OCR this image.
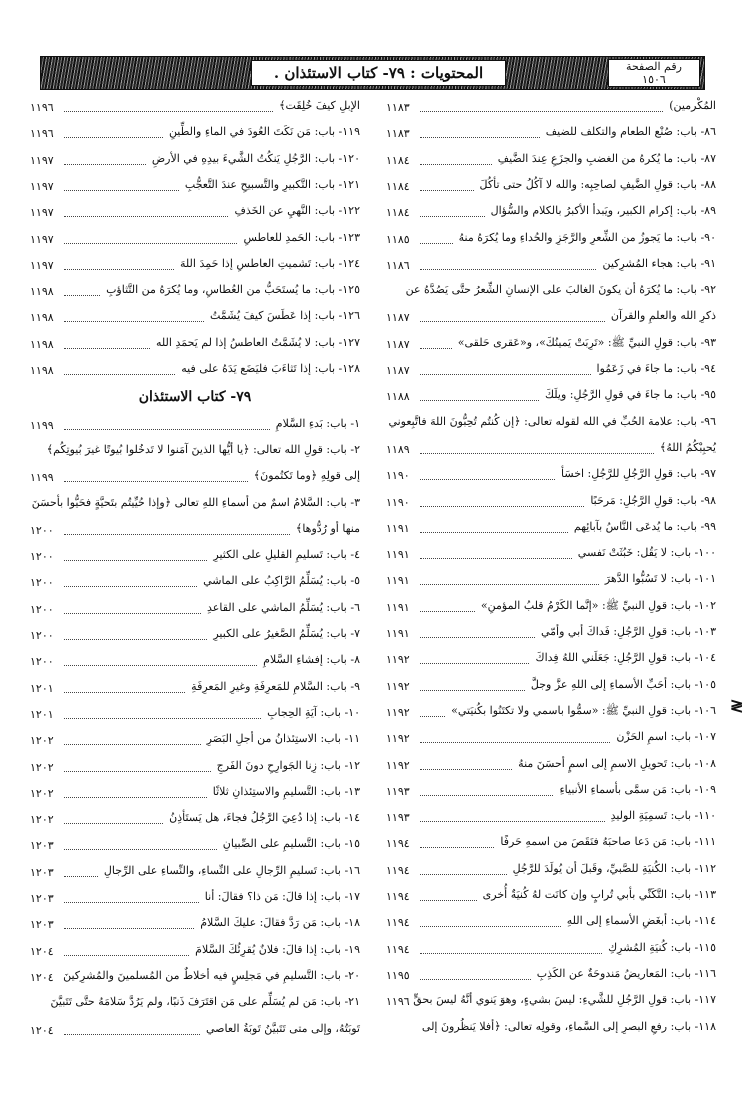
المحتويات : ٧٩- كتاب الاستئذان .	رقم الصفحة
١٥٠٦
المُكْرمين)
١١٨٣
٨٦- باب: صُنْع الطعام والتكلف للضيف
١١٨٣
٨٧- باب: ما يُكرهُ من الغضبِ والجزَعِ عِندَ الضَّيفِ
١١٨٤
٨٨- باب: قولِ الضَّيفِ لصاحِبِه: والله لا آكُلُ حتى تأكُلَ
١١٨٤
٨٩- باب: إكرام الكبير، ويَبدأ الأكبرُ بالكلام والسُّؤال
١١٨٤
٩٠- باب: ما يَجوزُ من الشِّعرِ والرَّجَزِ والحُداءِ وما يُكرَهُ منهُ
١١٨٥
٩١- باب: هجاء المُشرِكين
١١٨٦
٩٢- باب: ما يُكرَهُ أن يكونَ الغالبَ على الإنسانِ الشِّعرُ حتَّى يَصُدَّهُ عن
ذكرِ الله والعلمِ والقرآن
١١٨٧
٩٣- باب: قولِ النبيِّ ﷺ: «تَرِبَتْ يَمينُكَ»، و«عَقرى حَلقى»
١١٨٧
٩٤- باب: ما جاءَ في زَعَمُوا
١١٨٧
٩٥- باب: ما جاءَ في قولِ الرَّجُلِ: ويلَكَ
١١٨٨
٩٦- باب: علامة الحُبِّ في الله لقوله تعالى: ﴿إن كُنتُم تُحِبُّونَ اللهَ فاتَّبِعوني
يُحبِبْكُمُ اللهُ﴾
١١٨٩
٩٧- باب: قولِ الرَّجُلِ للرَّجُلِ: اخسَأ
١١٩٠
٩٨- باب: قولِ الرَّجُلِ: مَرحَبًا
١١٩٠
٩٩- باب: ما يُدعَى النَّاسُ بآبائِهم
١١٩١
١٠٠- باب: لا يَقُل: خَبُثَتْ نَفسي
١١٩١
١٠١- باب: لا تَسُبُّوا الدَّهرَ
١١٩١
١٠٢- باب: قولِ النبيِّ ﷺ: «إنَّما الكَرْمُ قلبُ المؤمنِ»
١١٩١
١٠٣- باب: قولِ الرَّجُلِ: فَداكَ أبي وأمّي
١١٩١
١٠٤- باب: قولِ الرَّجُلِ: جَعَلَني اللهُ فِداكَ
١١٩٢
١٠٥- باب: أحَبِّ الأسماءِ إلى اللهِ عزَّ وجلَّ
١١٩٢
١٠٦- باب: قولِ النبيِّ ﷺ: «سمُّوا باسمي ولا تكتَنُوا بكُنيَتي»
١١٩٢
١٠٧- باب: اسمِ الحَزْن
١١٩٢
١٠٨- باب: تَحويلِ الاسمِ إلى اسمٍ أحسَنَ منهُ
١١٩٢
١٠٩- باب: مَن سمَّى بأسماءِ الأنبياءِ
١١٩٣
١١٠- باب: تَسمِيَةِ الوليدِ
١١٩٣
١١١- باب: مَن دَعا صاحبَهُ فنَقَصَ من اسمهِ حَرفًا
١١٩٤
١١٢- باب: الكُنيَةِ للصَّبيِّ، وقَبلَ أن يُولَدَ للرَّجُلِ
١١٩٤
١١٣- باب: التَّكَنِّي بأبي تُرابٍ وإن كانَت لهُ كُنيَةٌ أُخرى
١١٩٤
١١٤- باب: أبغَضِ الأسماءِ إلى اللهِ
١١٩٤
١١٥- باب: كُنيَةِ المُشرِكِ
١١٩٤
١١٦- باب: المَعاريضُ مَندوحَةٌ عن الكَذِبِ
١١٩٥
١١٧- باب: قولِ الرَّجُلِ للشَّيءِ: ليسَ بشيءٍ، وهوَ يَنوي أنَّهُ ليسَ بحقٍّ
١١٩٦
١١٨- باب: رفعِ البصرِ إلى السَّماءِ، وقولِه تعالى: ﴿أفلا يَنظُرونَ إلى
الإبلِ كيفَ خُلِقَت﴾
١١٩٦
١١٩- باب: مَن نَكَتَ العُودَ في الماءِ والطِّينِ
١١٩٦
١٢٠- باب: الرَّجُلِ يَنكُتُ الشَّيءَ بيدِهِ في الأرضِ
١١٩٧
١٢١- باب: التَّكبيرِ والتَّسبيحِ عندَ التَّعجُّبِ
١١٩٧
١٢٢- باب: النَّهيِ عن الخَذفِ
١١٩٧
١٢٣- باب: الحَمدِ للعاطسِ
١١٩٧
١٢٤- باب: تَشميتِ العاطسِ إذا حَمِدَ اللهَ
١١٩٧
١٢٥- باب: ما يُستَحَبُّ من العُطاسِ، وما يُكرَهُ من التَّثاؤبِ
١١٩٨
١٢٦- باب: إذا عَطَسَ كيفَ يُشَمَّتُ
١١٩٨
١٢٧- باب: لا يُشَمَّتُ العاطسُ إذا لم يَحمَدِ الله
١١٩٨
١٢٨- باب: إذا تَثاءَبَ فليَضَع يَدَهُ على فيه
١١٩٨
٧٩- كتاب الاستئذان
١- باب: بَدءِ السَّلامِ
١١٩٩
٢- باب: قولِ الله تعالى: ﴿يا أيُّها الذينَ آمَنوا لا تَدخُلوا بُيوتًا غيرَ بُيوتِكُم﴾
إلى قولِهِ ﴿وما تَكتُمونَ﴾
١١٩٩
٣- باب: السَّلامُ اسمٌ من أسماءِ اللهِ تعالى ﴿وإذا حُيِّيتُم بتَحيَّةٍ فحَيُّوا بأحسَنَ
منها أو رُدُّوها﴾
١٢٠٠
٤- باب: تَسليمِ القليلِ على الكثيرِ
١٢٠٠
٥- باب: يُسَلِّمُ الرَّاكِبُ على الماشي
١٢٠٠
٦- باب: يُسَلِّمُ الماشي على القاعدِ
١٢٠٠
٧- باب: يُسَلِّمُ الصَّغيرُ على الكبيرِ
١٢٠٠
٨- باب: إفشاءِ السَّلامِ
١٢٠٠
٩- باب: السَّلامِ للمَعرِفَةِ وغيرِ المَعرِفَةِ
١٢٠١
١٠- باب: آيَةِ الحِجابِ
١٢٠١
١١- باب: الاستِئذانُ من أجلِ البَصَرِ
١٢٠٢
١٢- باب: زِنا الجَوارِحِ دونَ الفَرجِ
١٢٠٢
١٣- باب: التَّسليمِ والاستِئذانِ ثلاثًا
١٢٠٢
١٤- باب: إذا دُعِيَ الرَّجُلُ فجاءَ، هل يَستَأذِنُ
١٢٠٢
١٥- باب: التَّسليمِ على الصِّبيانِ
١٢٠٣
١٦- باب: تَسليمِ الرِّجالِ على النِّساءِ، والنِّساءِ على الرِّجالِ
١٢٠٣
١٧- باب: إذا قالَ: مَن ذا؟ فقالَ: أنا
١٢٠٣
١٨- باب: مَن رَدَّ فقالَ: عليكَ السَّلامُ
١٢٠٣
١٩- باب: إذا قالَ: فلانٌ يُقرِئُكَ السَّلامَ
١٢٠٤
٢٠- باب: التَّسليمِ في مَجلِسٍ فيه أخلاطٌ من المُسلمينَ والمُشرِكينَ
١٢٠٤
٢١- باب: مَن لم يُسَلِّم على مَن اقتَرَفَ ذَنبًا، ولم يَرُدَّ سَلامَهُ حتَّى تَتَبيَّنَ
تَوبَتُهُ، وإلى متى تَتَبيَّنُ تَوبَةُ العاصي
١٢٠٤
≷
